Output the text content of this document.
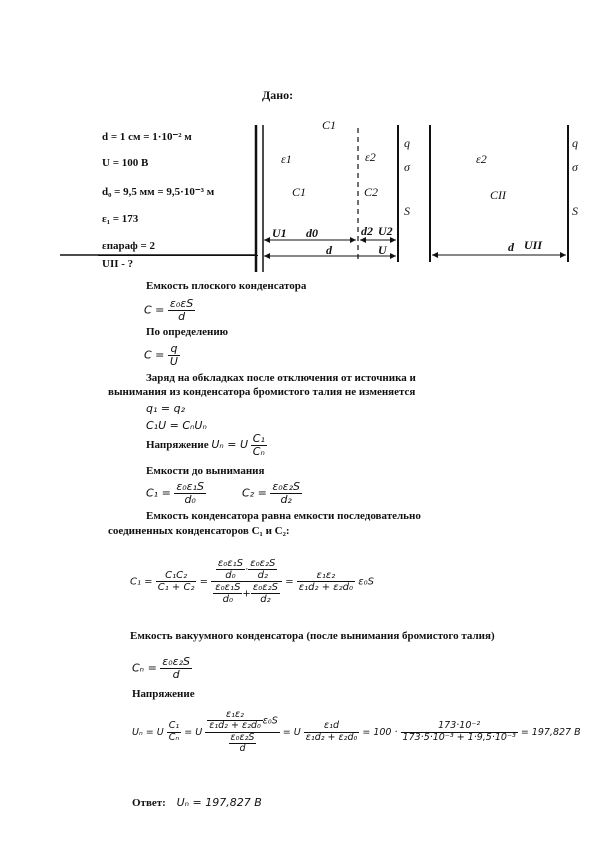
Дано:
d = 1 см = 1·10⁻² м
U = 100 В
d₀ = 9,5 мм = 9,5·10⁻³ м
ε₁ = 173
εпараф = 2
UII - ?
C1
ε1	ε2
C1	C2
q
σ
S
U1 d0	d2 U2
d	U
ε2
CII
q
σ
S
d UII
Емкость плоского конденсатора
$C = \frac{\text{ε₀εS}}{d}$
По определению
$C = \frac{q}{U}$
Заряд на обкладках после отключения от источника и
вынимания из конденсатора бромистого талия не изменяется
q₁ = q₂
C₁U = CₙUₙ
Напряжение Uₙ = U $\frac{\text{C₁}}{\text{Cₙ}}$
Емкости до вынимания
$C_1 = \frac{\text{ε₀ε₁S}}{\text{d₀}}$	$C_2 = \frac{\text{ε₀ε₂S}}{\text{d₂}}$
Емкость конденсатора равна емкости последовательно
соединенных конденсаторов C₁ и C₂:
$C_1 = \frac{\text{C₁C₂}}{\text{C₁ + C₂}} = \frac{\frac{\text{ε₀ε₁S}}{\text{d₀}} \cdot \frac{\text{ε₀ε₂S}}{\text{d₂}}}{\frac{\text{ε₀ε₁S}}{\text{d₀}} + \frac{\text{ε₀ε₂S}}{\text{d₂}}} = \frac{\text{ε₁ε₂}}{\text{ε₁d₂ + ε₂d₀}} \varepsilon_0S$
Емкость вакуумного конденсатора (после вынимания бромистого талия)
$C_n = \frac{\text{ε₀ε₂S}}{d}$
Напряжение
Uₙ = U $\frac{\text{C₁}}{\text{Cₙ}} = U \frac{\frac{\text{ε₁ε₂}}{\text{ε₁d₂ + ε₂d₀}} \varepsilon_0S}{\frac{\text{ε₀ε₂S}}{d}} = U \frac{\text{ε₁d}}{\text{ε₁d₂ + ε₂d₀}} = 100 \cdot \frac{\text{173·10⁻²}}{\text{173·5·10⁻³ + 1·9,5·10⁻³}} = 197,827$ В
Ответ: Uₙ = 197,827 В
